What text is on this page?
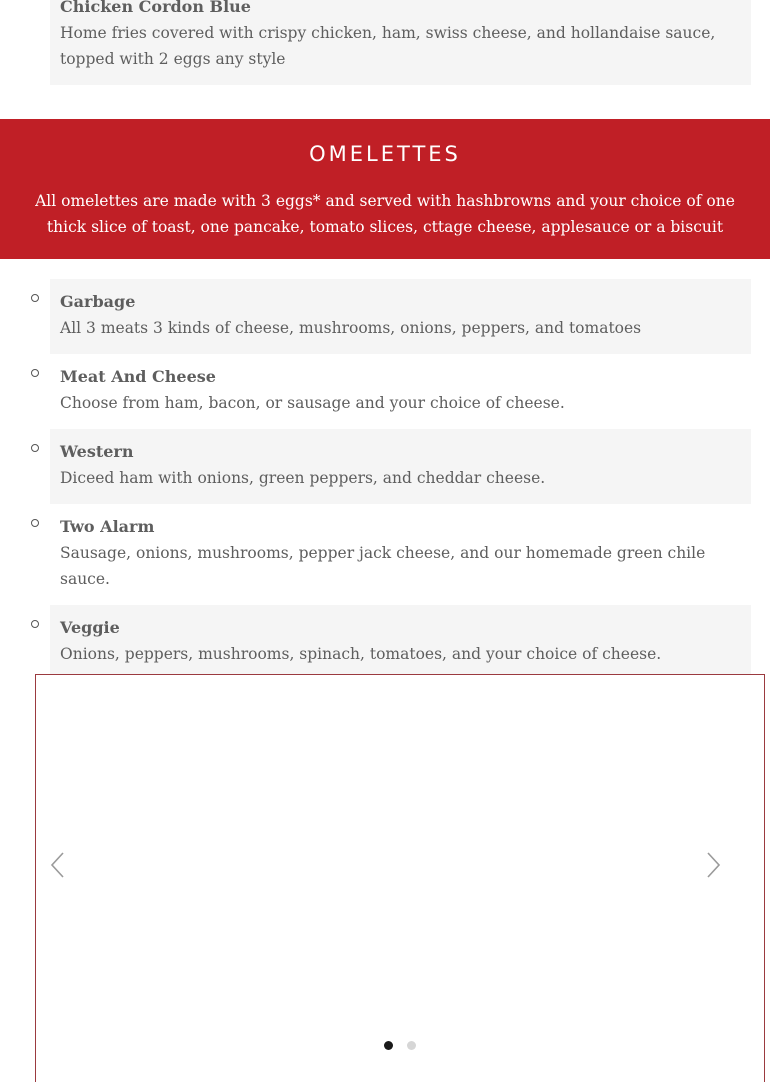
Chicken Cordon Blue
Home fries covered with crispy chicken, ham, swiss cheese, and hollandaise sauce, topped with 2 eggs any style
OMELETTES
All omelettes are made with 3 eggs* and served with hashbrowns and your choice of one thick slice of toast, one pancake, tomato slices, cttage cheese, applesauce or a biscuit
Garbage
All 3 meats 3 kinds of cheese, mushrooms, onions, peppers, and tomatoes
Meat And Cheese
Choose from ham, bacon, or sausage and your choice of cheese.
Western
Diceed ham with onions, green peppers, and cheddar cheese.
Two Alarm
Sausage, onions, mushrooms, pepper jack cheese, and our homemade green chile sauce.
Veggie
Onions, peppers, mushrooms, spinach, tomatoes, and your choice of cheese.
